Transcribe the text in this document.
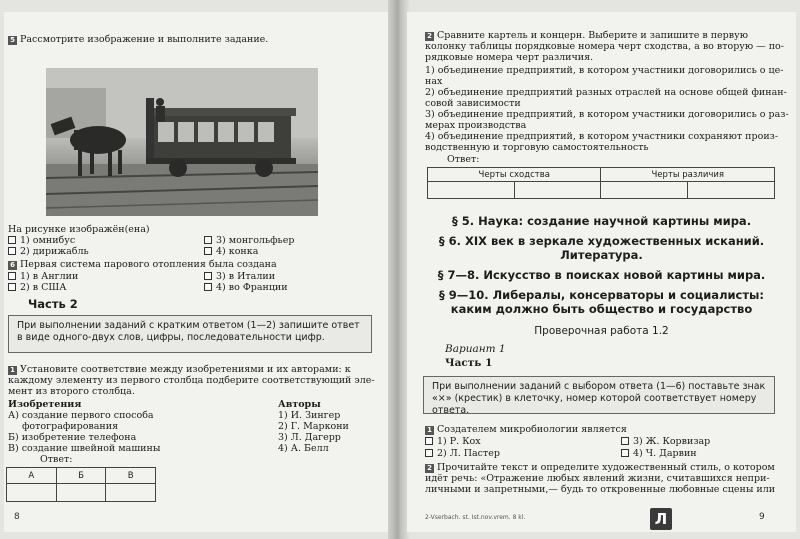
5 Рассмотрите изображение и выполните задание.
На рисунке изображён(ена)
1) омнибус
2) дирижабль
3) монгольфьер
4) конка
6 Первая система парового отопления была создана
1) в Англии
2) в США
3) в Италии
4) во Франции
Часть 2
При выполнении заданий с кратким ответом (1—2) запишите ответ в виде одного-двух слов, цифры, последовательности цифр.
1 Установите соответствие между изобретениями и их авторами: к
каждому элементу из первого столбца подберите соответствующий элe-
мент из второго столбца.
Изобретения
А) создание первого способа
фотографирования
Б) изобретение телефона
В) создание швейной машины
Авторы
1) И. Зингер
2) Г. Маркони
3) Л. Дагерр
4) А. Белл
Ответ:
А	Б	В

8
2 Сравните картель и концерн. Выберите и запишите в первую
колонку таблицы порядковые номера черт сходства, а во вторую — по-
рядковые номера черт различия.
1) объединение предприятий, в котором участники договорились о це-
нах
2) объединение предприятий разных отраслей на основе общей финан-
совой зависимости
3) объединение предприятий, в котором участники договорились о раз-
мерах производства
4) объединение предприятий, в котором участники сохраняют произ-
водственную и торговую самостоятельность
Ответ:
Черты сходства	Черты различия

§ 5. Наука: создание научной картины мира.
§ 6. XIX век в зеркале художественных исканий.
Литература.
§ 7—8. Искусство в поисках новой картины мира.
§ 9—10. Либералы, консерваторы и социалисты:
каким должно быть общество и государство
Проверочная работа 1.2
Вариант 1
Часть 1
При выполнении заданий с выбором ответа (1—6) поставьте знак «×» (крестик) в клеточку, номер которой соответствует номеру ответа.
1 Создателем микробиологии является
1) Р. Кох
2) Л. Пастер
3) Ж. Корвизар
4) Ч. Дарвин
2 Прочитайте текст и определите художественный стиль, о котором
идёт речь: «Отражение любых явлений жизни, считавшихся непри-
личными и запретными,— будь то откровенные любовные сцены или
2-Vserbach. st. Ist.nov.vrem. 8 kl.	9
Л
